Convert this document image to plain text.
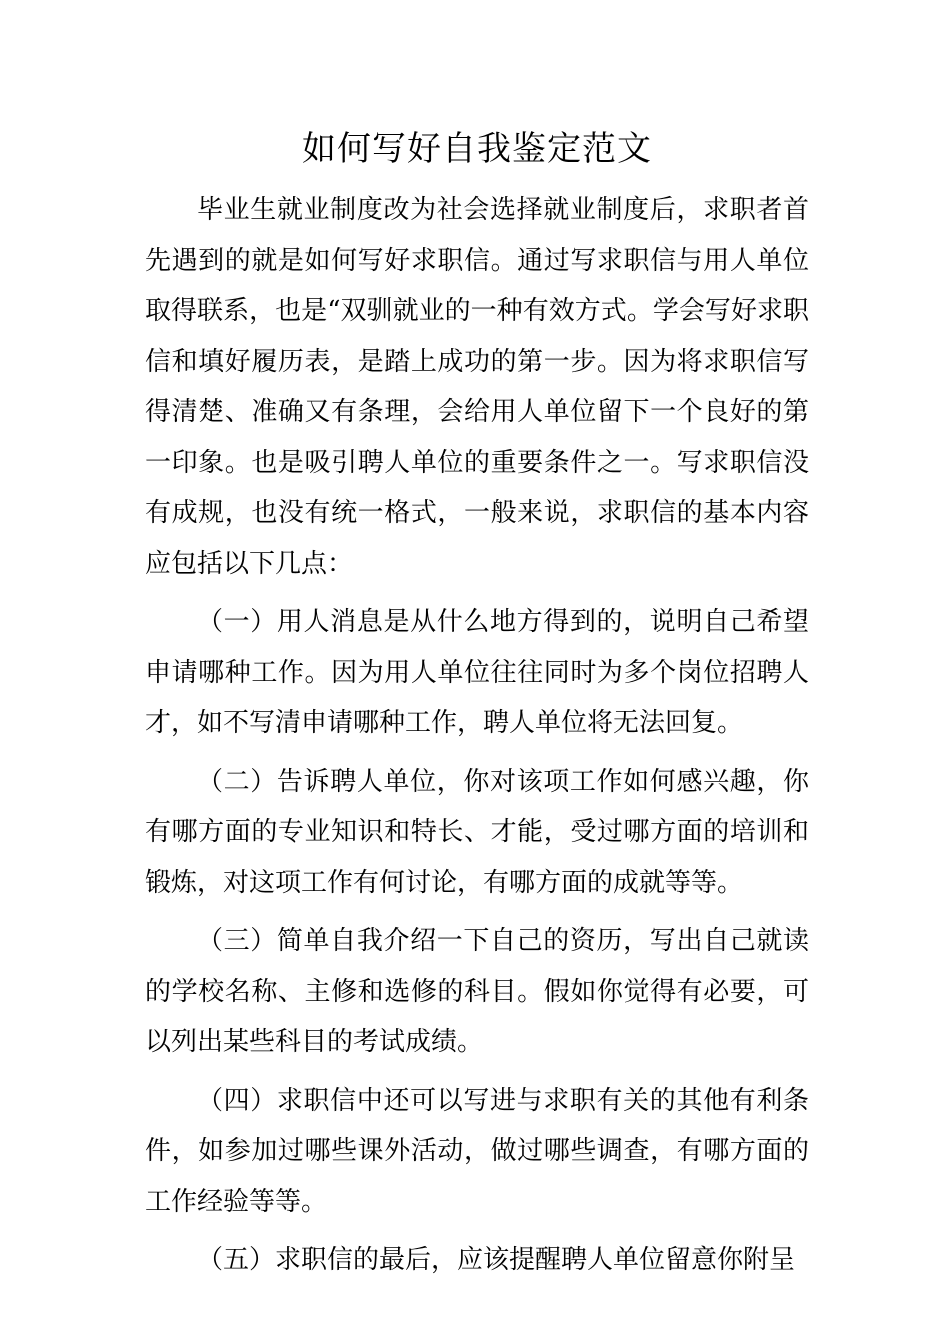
如何写好自我鉴定范文

毕业生就业制度改为社会选择就业制度后，求职者首先遇到的就是如何写好求职信。通过写求职信与用人单位取得联系，也是“双驯就业的一种有效方式。学会写好求职信和填好履历表，是踏上成功的第一步。因为将求职信写得清楚、准确又有条理，会给用人单位留下一个良好的第一印象。也是吸引聘人单位的重要条件之一。写求职信没有成规，也没有统一格式，一般来说，求职信的基本内容应包括以下几点：

（一）用人消息是从什么地方得到的，说明自己希望申请哪种工作。因为用人单位往往同时为多个岗位招聘人才，如不写清申请哪种工作，聘人单位将无法回复。

（二）告诉聘人单位，你对该项工作如何感兴趣，你有哪方面的专业知识和特长、才能，受过哪方面的培训和锻炼，对这项工作有何讨论，有哪方面的成就等等。

（三）简单自我介绍一下自己的资历，写出自己就读的学校名称、主修和选修的科目。假如你觉得有必要，可以列出某些科目的考试成绩。

（四）求职信中还可以写进与求职有关的其他有利条件，如参加过哪些课外活动，做过哪些调查，有哪方面的工作经验等等。

（五）求职信的最后，应该提醒聘人单位留意你附呈
